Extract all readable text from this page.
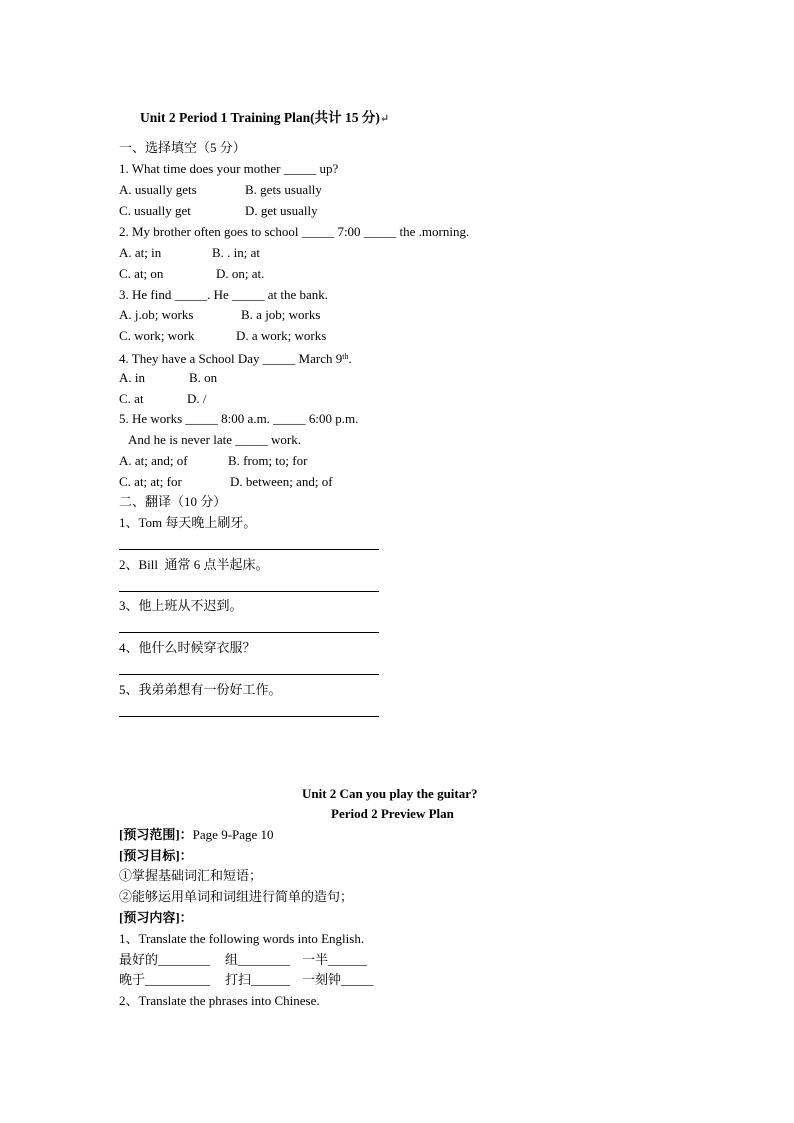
Unit 2 Period 1 Training Plan(共计 15 分)↵
一、选择填空（5 分）
1. What time does your mother _____ up?
A. usually gets	B. gets usually
C. usually get	D. get usually
2. My brother often goes to school _____ 7:00 _____ the .morning.
A. at; in	B. . in; at
C. at; on	D. on; at.
3. He find _____. He _____ at the bank.
A. j.ob; works	B. a job; works
C. work; work	D. a work; works
4. They have a School Day _____ March 9th.
A. in	B. on
C. at	D. /
5. He works _____ 8:00 a.m. _____ 6:00 p.m.
And he is never late _____ work.
A. at; and; of	B. from; to; for
C. at; at; for	D. between; and; of
二、翻译（10 分）
1、Tom 每天晚上刷牙。
2、Bill  通常 6 点半起床。
3、他上班从不迟到。
4、他什么时候穿衣服？
5、我弟弟想有一份好工作。
Unit 2 Can you play the guitar?
Period 2 Preview Plan
[预习范围]：Page 9-Page 10
[预习目标]：
①掌握基础词汇和短语；
②能够运用单词和词组进行简单的造句；
[预习内容]：
1、Translate the following words into English.
最好的________ 组________ 一半______
晚于__________ 打扫______ 一刻钟_____
2、Translate the phrases into Chinese.
